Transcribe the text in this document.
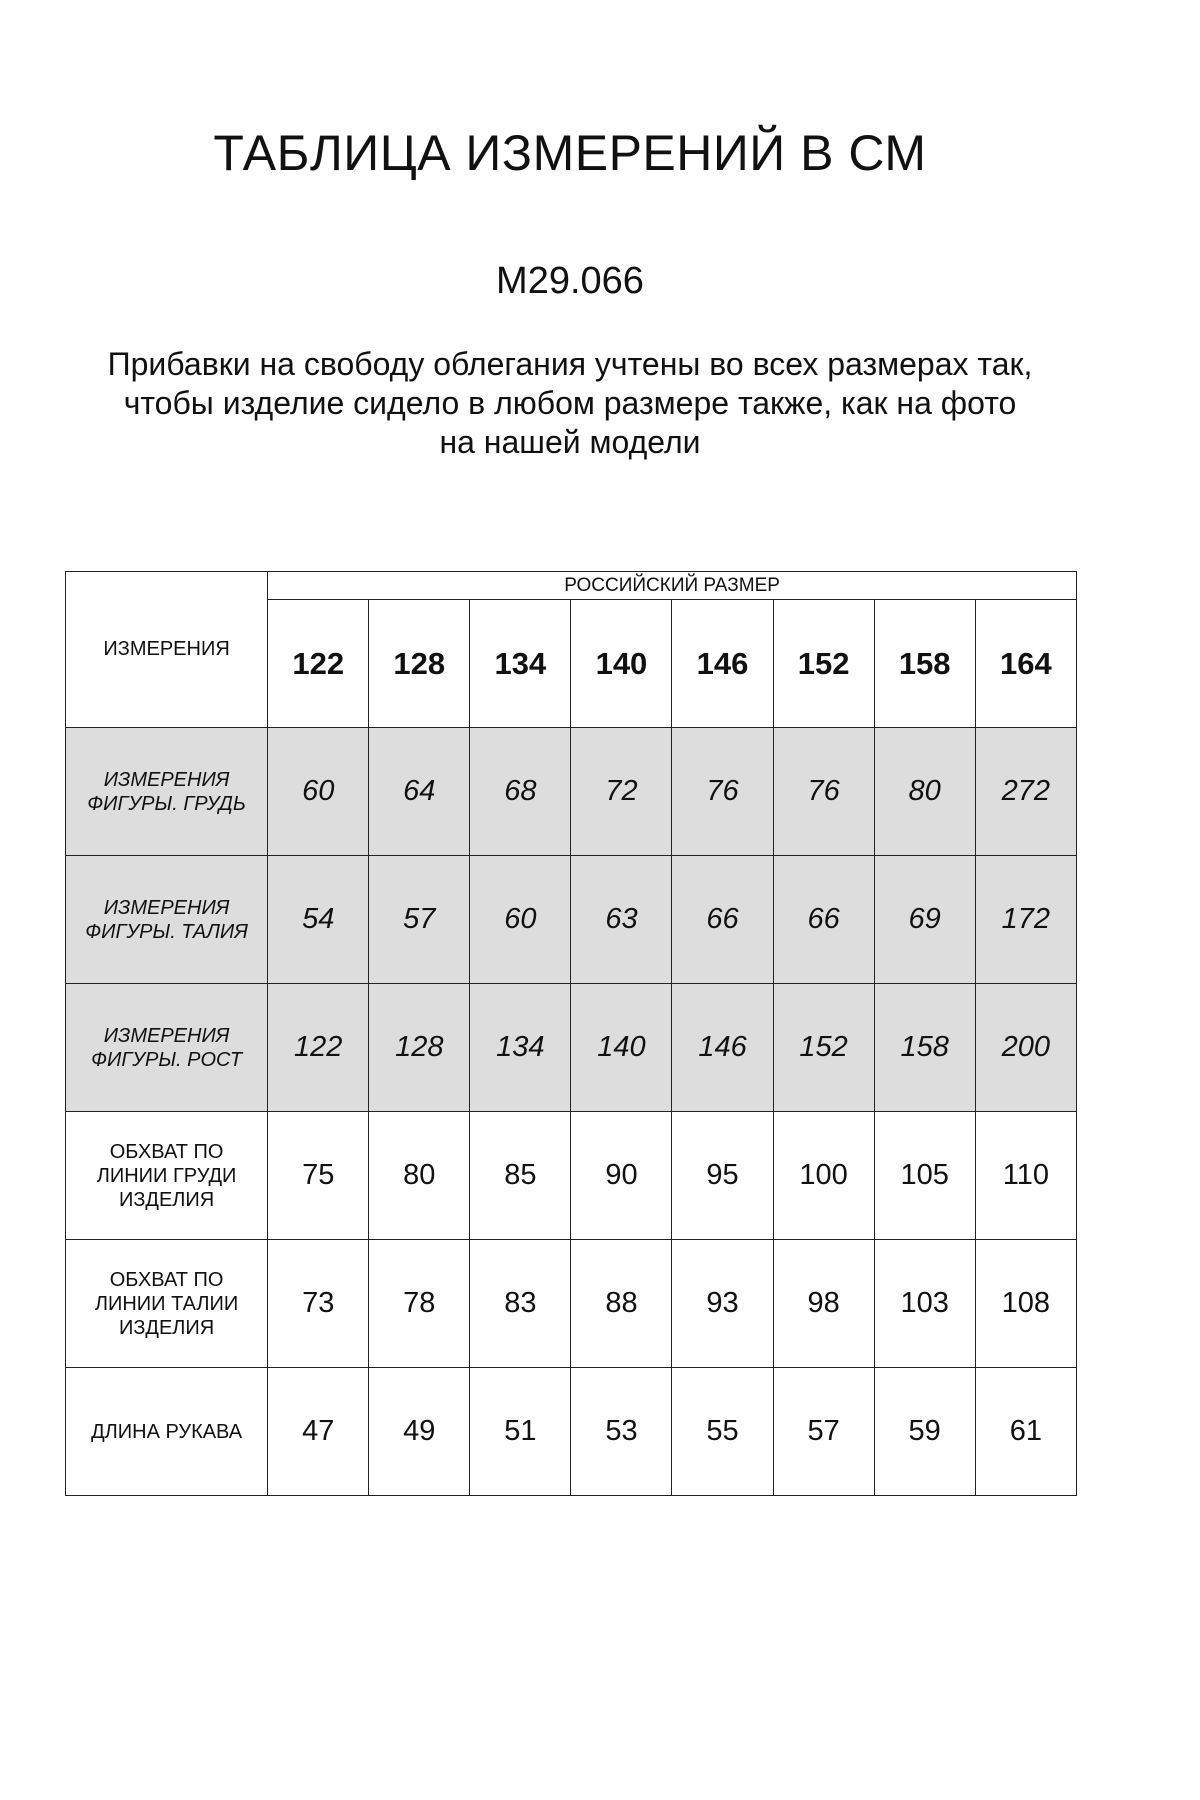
ТАБЛИЦА ИЗМЕРЕНИЙ В СМ
М29.066
Прибавки на свободу облегания учтены во всех размерах так,
чтобы изделие сидело в любом размере также, как на фото
на нашей модели
ИЗМЕРЕНИЯ	РОССИЙСКИЙ РАЗМЕР							
	122	128	134	140	146	152	158	164

ИЗМЕРЕНИЯ
ФИГУРЫ. ГРУДЬ	60	64	68	72	76	76	80	272

ИЗМЕРЕНИЯ
ФИГУРЫ. ТАЛИЯ	54	57	60	63	66	66	69	172

ИЗМЕРЕНИЯ
ФИГУРЫ. РОСТ	122	128	134	140	146	152	158	200

ОБХВАТ ПО
ЛИНИИ ГРУДИ
ИЗДЕЛИЯ	75	80	85	90	95	100	105	110

ОБХВАТ ПО
ЛИНИИ ТАЛИИ
ИЗДЕЛИЯ	73	78	83	88	93	98	103	108

ДЛИНА РУКАВА	47	49	51	53	55	57	59	61
